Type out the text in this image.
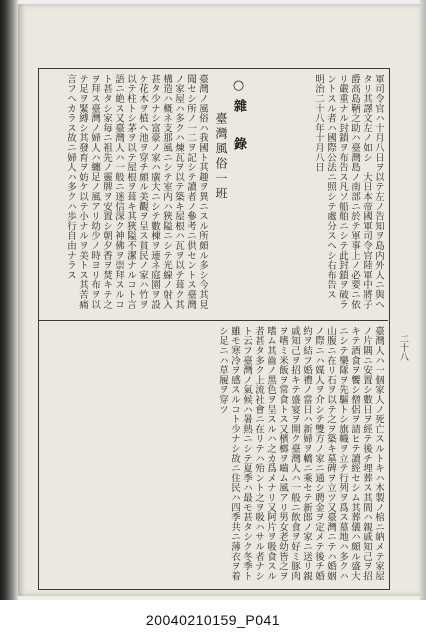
二十八
軍司令官ハ十月八日ヲ以テ左ノ告知ヲ島内外人ニ與ヘタリ其譯文左ノ如シ　大日本帝國軍司令官陸軍中將子爵高島鞆之助ハ臺灣島ノ南部ニ於テ軍事上ノ必要ニ依リ嚴重ナル封鎖ヲ布告ス凡ソ船舶ニシテ此封鎖ヲ破ラントスル者ハ國際公法ニ照シテ處分スヘシ右布告ス　明治二十八年十月八日
○雜　錄
臺灣風俗一班
臺灣ノ風俗ハ我國ト其趣ヲ異ニスル所頗ル多シ今其見聞セシ所ノ一二ヲ記シテ讀者ノ參考ニ供セントス臺灣ノ家屋ハ多クハ煉瓦ヲ以テ築キ屋根ハ瓦ヲ以テ葺ク其構造ハ概ネ支那風ニシテ室内ハ狹隘ニシテ光線ノ射入甚タ少ナシ富豪ノ家ハ廣大ニシテ數棟ヲ連ネ庭園ヲ設ケ花木ヲ植ヘ池ヲ穿チ頗ル美觀ヲ呈ス貧民ノ家ハ竹ヲ以テ柱トシ茅ヲ以テ屋根ヲ葺キ其狹隘不潔ナルコト言語ニ絶ス又臺灣人ハ一般ニ迷信深ク神佛ヲ崇拜スルコト甚タシ家毎ニ祖先ノ靈牌ヲ安置シ朝夕香ヲ焚キテ之ヲ拜ス臺灣ノ婦人ハ纏足ノ風アリ幼少ノ時ヨリ布ヲ以テ足ヲ緊縛シ其發育ヲ妨ケ以テ小ナルヲ美トス其苦痛言フヘカラス故ニ婦人ハ多クハ歩行自由ナラス
臺灣人ハ一個家人ノ死亡スルトキハ木製ノ棺ニ納メテ家屋ノ片隅ニ安置シ數日ヲ經テ後チ埋葬ス其間ハ親戚知己ヲ招キテ酒食ヲ饗シ僧侶ヲ請ヒテ讀經セシム其葬儀ハ頗ル盛大ニシテ樂隊ヲ先驅トシ旗幟ヲ立テ行列ヲ爲ス墓地ハ多クハ山腹ニ在リ石ヲ以テ之ヲ築キ墓碑ヲ立ツ又臺灣ニテハ婚姻ノ際ニハ媒人ヲ介シテ雙方ノ家ニ通シ聘金ヲ定メテ後チ婚約ヲ結フ婚禮ノ當日ハ新婦ヲ轎ニ乘セテ新郎ノ家ニ送リ親戚知己ヲ招キテ盛宴ヲ開ク臺灣人ハ一般ニ飲食ヲ好ミ豚肉ヲ嗜ミ米飯ヲ常食トス又檳榔ヲ嚙ム風アリ男女老幼皆之ヲ嗜ム其齒ノ黑色ヲ呈スルハ之カ爲メナリ又阿片ヲ吸食スル者甚タ多ク上流社會ニ在リテハ殆ント之ヲ吸ハサル者ナシト云フ臺灣ノ氣候ハ暑熱ニシテ夏季ハ最モ甚タシク冬季ト雖モ寒冷ヲ感スルコト少ナシ故ニ住民ハ四季共ニ薄衣ヲ着シ足ニハ草履ヲ穿ツ
20040210159_P041
